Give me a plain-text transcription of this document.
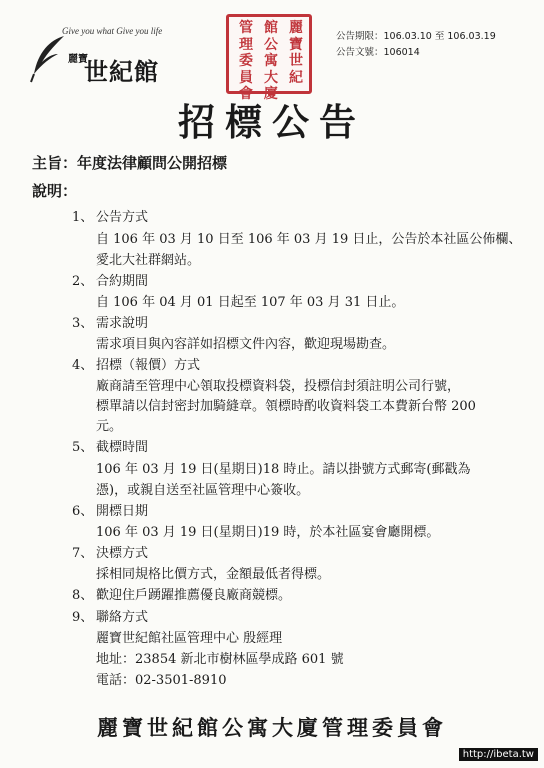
Give you what Give you life
麗寶
世紀館
麗寶世紀
館公寓大廈
管理委員會
公告期限：106.03.10 至 106.03.19
公告文號：106014
招標公告
主旨：年度法律顧問公開招標
說明：
1、 公告方式
自 106 年 03 月 10 日至 106 年 03 月 19 日止，公告於本社區公佈欄、
愛北大社群網站。
2、 合約期間
自 106 年 04 月 01 日起至 107 年 03 月 31 日止。
3、 需求說明
需求項目與內容詳如招標文件內容，歡迎現場勘查。
4、 招標（報價）方式
廠商請至管理中心領取投標資料袋，投標信封須註明公司行號，
標單請以信封密封加騎縫章。領標時酌收資料袋工本費新台幣 200
元。
5、 截標時間
106 年 03 月 19 日(星期日)18 時止。請以掛號方式郵寄(郵戳為
憑)，或親自送至社區管理中心簽收。
6、 開標日期
106 年 03 月 19 日(星期日)19 時，於本社區宴會廳開標。
7、 決標方式
採相同規格比價方式，金額最低者得標。
8、 歡迎住戶踴躍推薦優良廠商競標。
9、 聯絡方式
麗寶世紀館社區管理中心 殷經理
地址：23854 新北市樹林區學成路 601 號
電話：02-3501-8910
麗寶世紀館公寓大廈管理委員會
http://ibeta.tw
